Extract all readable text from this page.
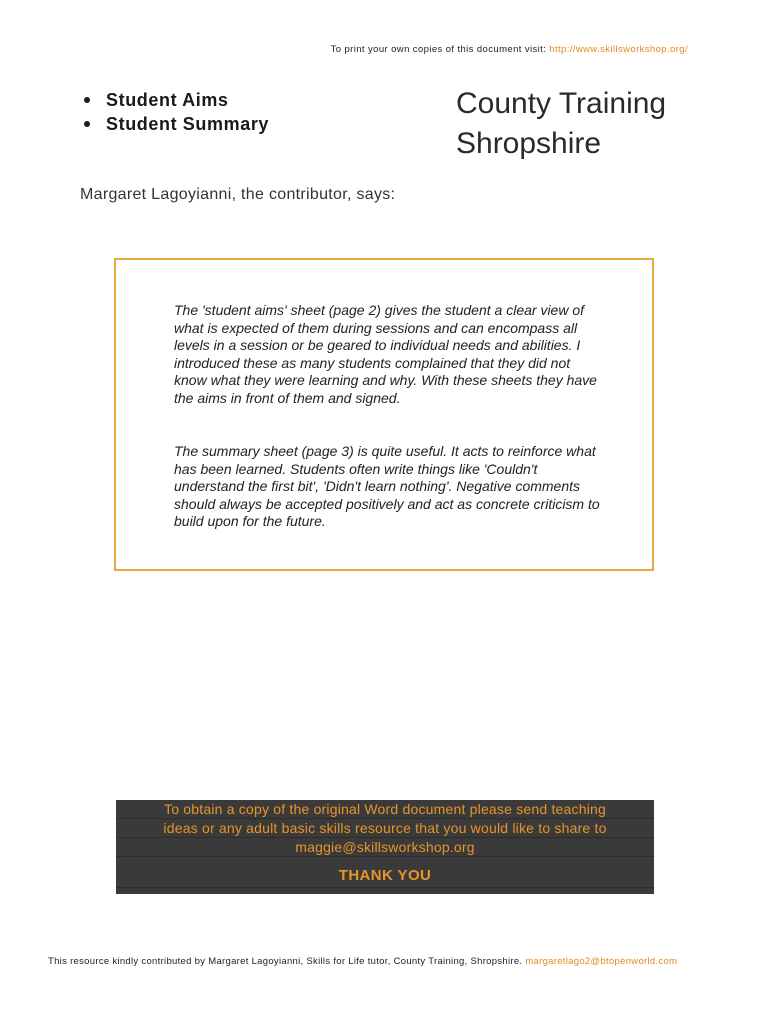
To print your own copies of this document visit: http://www.skillsworkshop.org/
Student Aims
Student Summary
County Training
Shropshire
Margaret Lagoyianni, the contributor, says:

The 'student aims' sheet (page 2) gives the student a clear view of what is expected of them during sessions and can encompass all levels in a session or be geared to individual needs and abilities. I introduced these as many students complained that they did not know what they were learning and why. With these sheets they have the aims in front of them and signed.

The summary sheet (page 3) is quite useful. It acts to reinforce what has been learned. Students often write things like 'Couldn't understand the first bit', 'Didn't learn nothing'. Negative comments should always be accepted positively and act as concrete criticism to build upon for the future.

To obtain a copy of the original Word document please send teaching
ideas or any adult basic skills resource that you would like to share to
maggie@skillsworkshop.org
THANK YOU
This resource kindly contributed by Margaret Lagoyianni, Skills for Life tutor, County Training, Shropshire. margaretlago2@btopenworld.com
